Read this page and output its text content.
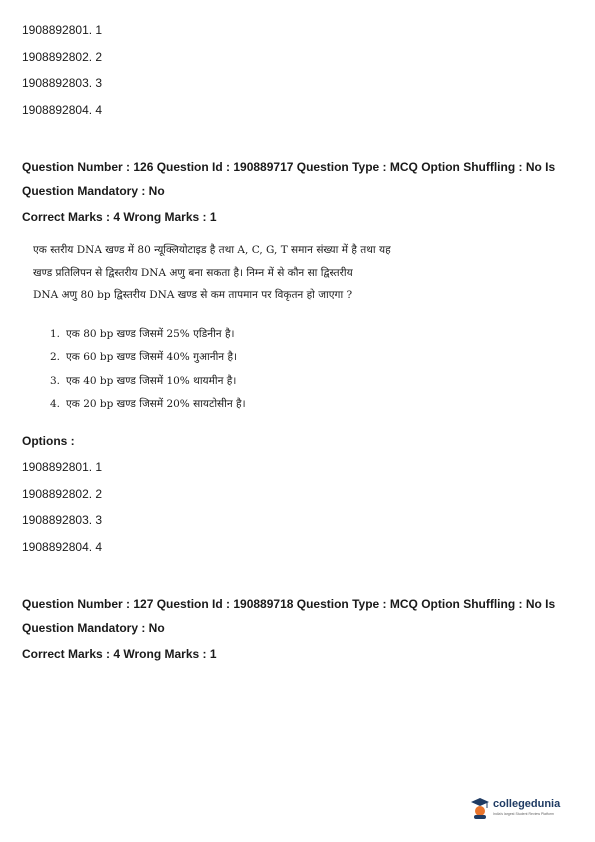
1908892801. 1
1908892802. 2
1908892803. 3
1908892804. 4
Question Number : 126 Question Id : 190889717 Question Type : MCQ Option Shuffling : No Is
Question Mandatory : No
Correct Marks : 4 Wrong Marks : 1
एक स्तरीय DNA खण्ड में 80 न्यूक्लियोटाइड है तथा A, C, G, T समान संख्या में है तथा यह
खण्ड प्रतिलिपन से द्विस्तरीय DNA अणु बना सकता है। निम्न में से कौन सा द्विस्तरीय
DNA अणु 80 bp द्विस्तरीय DNA खण्ड से कम तापमान पर विकृतन हो जाएगा ?
1. एक 80 bp खण्ड जिसमें 25% एडिनीन है।
2. एक 60 bp खण्ड जिसमें 40% गुआनीन है।
3. एक 40 bp खण्ड जिसमें 10% थायमीन है।
4. एक 20 bp खण्ड जिसमें 20% सायटोसीन है।
Options :
1908892801. 1
1908892802. 2
1908892803. 3
1908892804. 4
Question Number : 127 Question Id : 190889718 Question Type : MCQ Option Shuffling : No Is
Question Mandatory : No
Correct Marks : 4 Wrong Marks : 1
collegedunia
India's largest Student Review Platform
